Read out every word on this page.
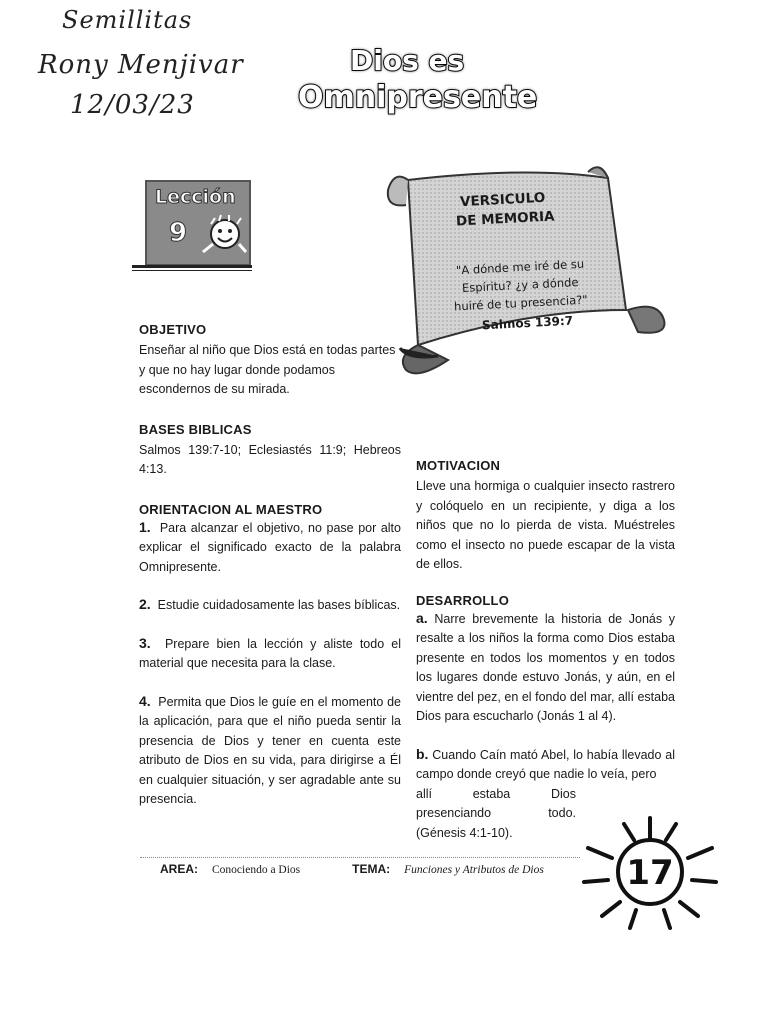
Semillitas
Rony Menjivar
12/03/23
Dios es
Omnipresente
Lección
9
VERSICULO
DE MEMORIA
"A dónde me iré de su
Espíritu? ¿y a dónde
huiré de tu presencia?"
Salmos 139:7
OBJETIVO
Enseñar al niño que Dios está en todas partes y que no hay lugar donde podamos escondernos de su mirada.
BASES BIBLICAS
Salmos 139:7-10; Eclesiastés 11:9; Hebreos 4:13.
ORIENTACION AL MAESTRO
1. Para alcanzar el objetivo, no pase por alto explicar el significado exacto de la palabra Omnipresente.
2. Estudie cuidadosamente las bases bíblicas.
3. Prepare bien la lección y aliste todo el material que necesita para la clase.
4. Permita que Dios le guíe en el momento de la aplicación, para que el niño pueda sentir la presencia de Dios y tener en cuenta este atributo de Dios en su vida, para dirigirse a Él en cualquier situación, y ser agradable ante su presencia.
MOTIVACION
Lleve una hormiga o cualquier insecto rastrero y colóquelo en un recipiente, y diga a los niños que no lo pierda de vista. Muéstreles como el insecto no puede escapar de la vista de ellos.
DESARROLLO
a. Narre brevemente la historia de Jonás y resalte a los niños la forma como Dios estaba presente en todos los momentos y en todos los lugares donde estuvo Jonás, y aún, en el vientre del pez, en el fondo del mar, allí estaba Dios para escucharlo (Jonás 1 al 4).
b. Cuando Caín mató Abel, lo había llevado al campo donde creyó que nadie lo veía, pero
allí	estaba	Dios
presenciando	todo.
(Génesis 4:1-10).
AREA: Conociendo a Dios	TEMA: Funciones y Atributos de Dios 17
